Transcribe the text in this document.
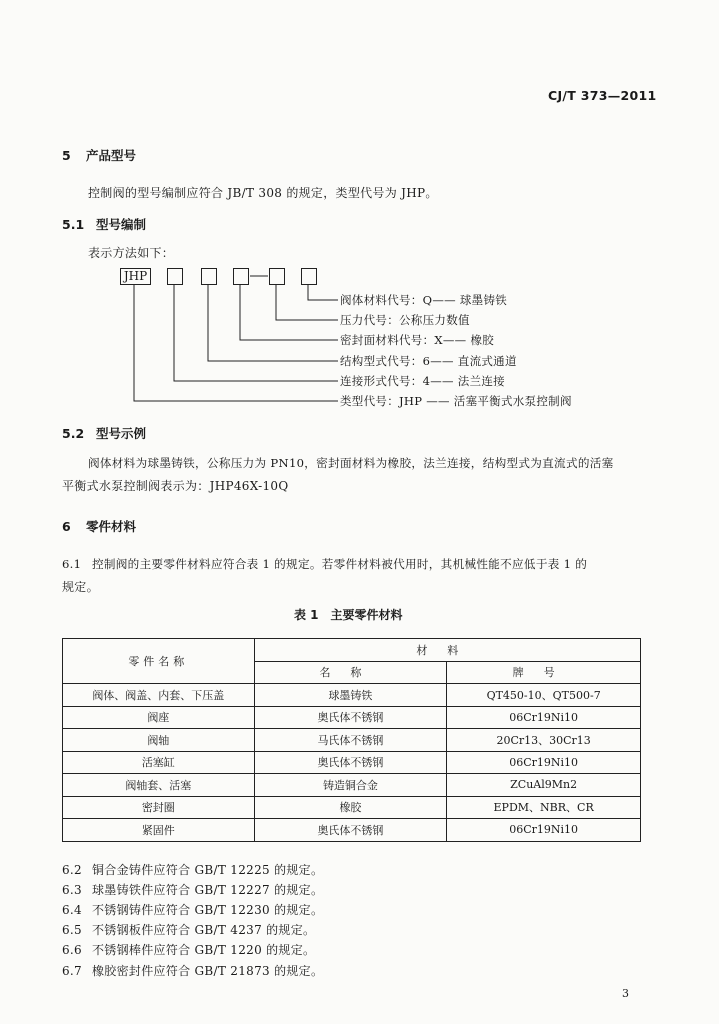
CJ/T 373—2011
5 产品型号
控制阀的型号编制应符合 JB/T 308 的规定，类型代号为 JHP。
5.1 型号编制
表示方法如下：
JHP
阀体材料代号：Q—— 球墨铸铁
压力代号：公称压力数值
密封面材料代号：X—— 橡胶
结构型式代号：6—— 直流式通道
连接形式代号：4—— 法兰连接
类型代号：JHP —— 活塞平衡式水泵控制阀
5.2 型号示例
阀体材料为球墨铸铁，公称压力为 PN10，密封面材料为橡胶，法兰连接，结构型式为直流式的活塞
平衡式水泵控制阀表示为：JHP46X-10Q
6 零件材料
6.1 控制阀的主要零件材料应符合表 1 的规定。若零件材料被代用时，其机械性能不应低于表 1 的
规定。
表 1　主要零件材料
零件名称	材料	
	名称	牌号
阀体、阀盖、内套、下压盖	球墨铸铁	QT450-10、QT500-7
阀座	奥氏体不锈钢	06Cr19Ni10
阀轴	马氏体不锈钢	20Cr13、30Cr13
活塞缸	奥氏体不锈钢	06Cr19Ni10
阀轴套、活塞	铸造铜合金	ZCuAl9Mn2
密封圈	橡胶	EPDM、NBR、CR
紧固件	奥氏体不锈钢	06Cr19Ni10
6.2 铜合金铸件应符合 GB/T 12225 的规定。
6.3 球墨铸铁件应符合 GB/T 12227 的规定。
6.4 不锈钢铸件应符合 GB/T 12230 的规定。
6.5 不锈钢板件应符合 GB/T 4237 的规定。
6.6 不锈钢棒件应符合 GB/T 1220 的规定。
6.7 橡胶密封件应符合 GB/T 21873 的规定。
3
